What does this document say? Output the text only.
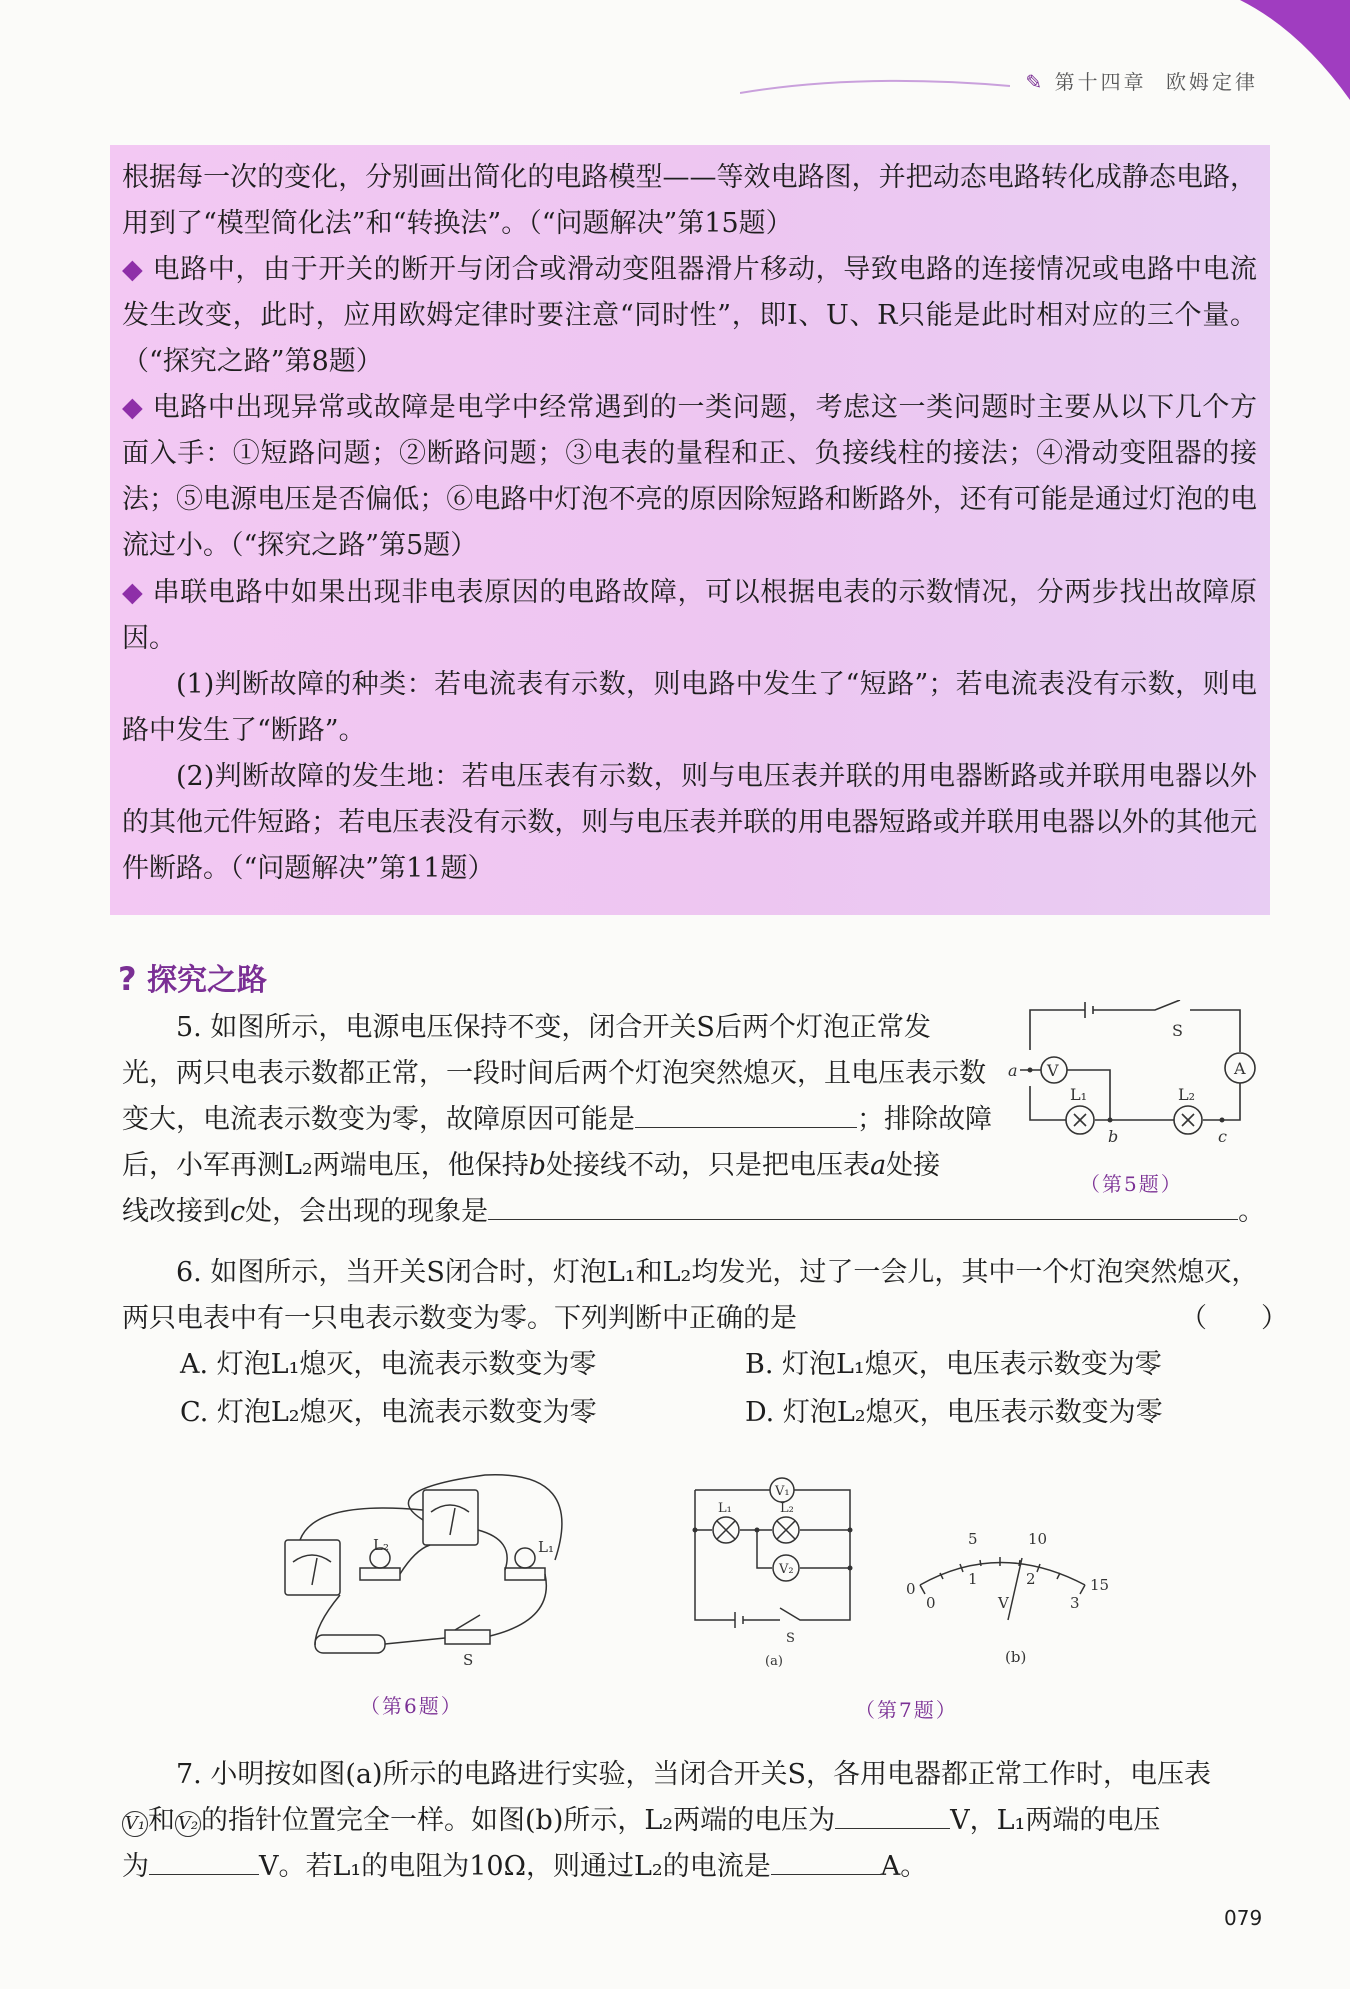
✎ 第十四章 欧姆定律
根据每一次的变化，分别画出简化的电路模型——等效电路图，并把动态电路转化成静态电路，用到了“模型简化法”和“转换法”。（“问题解决”第15题）
◆ 电路中，由于开关的断开与闭合或滑动变阻器滑片移动，导致电路的连接情况或电路中电流发生改变，此时，应用欧姆定律时要注意“同时性”，即I、U、R只能是此时相对应的三个量。（“探究之路”第8题）
◆ 电路中出现异常或故障是电学中经常遇到的一类问题，考虑这一类问题时主要从以下几个方面入手：①短路问题；②断路问题；③电表的量程和正、负接线柱的接法；④滑动变阻器的接法；⑤电源电压是否偏低；⑥电路中灯泡不亮的原因除短路和断路外，还有可能是通过灯泡的电流过小。（“探究之路”第5题）
◆ 串联电路中如果出现非电表原因的电路故障，可以根据电表的示数情况，分两步找出故障原因。
(1)判断故障的种类：若电流表有示数，则电路中发生了“短路”；若电流表没有示数，则电路中发生了“断路”。
(2)判断故障的发生地：若电压表有示数，则与电压表并联的用电器断路或并联用电器以外的其他元件短路；若电压表没有示数，则与电压表并联的用电器短路或并联用电器以外的其他元件断路。（“问题解决”第11题）
? 探究之路
5. 如图所示，电源电压保持不变，闭合开关S后两个灯泡正常发
光，两只电表示数都正常，一段时间后两个灯泡突然熄灭，且电压表示数
变大，电流表示数变为零，故障原因可能是	；排除故障
后，小军再测L₂两端电压，他保持b处接线不动，只是把电压表a处接
线改接到c处，会出现的现象是	。
S
A
V
L₁	L₂
a
b	c
（第5题）
6. 如图所示，当开关S闭合时，灯泡L₁和L₂均发光，过了一会儿，其中一个灯泡突然熄灭，
两只电表中有一只电表示数变为零。下列判断中正确的是	（　　）
A. 灯泡L₁熄灭，电流表示数变为零	B. 灯泡L₁熄灭，电压表示数变为零
C. 灯泡L₂熄灭，电流表示数变为零	D. 灯泡L₂熄灭，电压表示数变为零
L₂	L₁
S
（第6题）
V₁
V₂
L₁	L₂
S
(a)
0
5	10
15
0
1	2
3
V
(b)
（第7题）
7. 小明按如图(a)所示的电路进行实验，当闭合开关S，各用电器都正常工作时，电压表
V₁ 和 V₂ 的指针位置完全一样。如图(b)所示，L₂两端的电压为	V，L₁两端的电压
为	V。若L₁的电阻为10Ω，则通过L₂的电流是	A。
079
